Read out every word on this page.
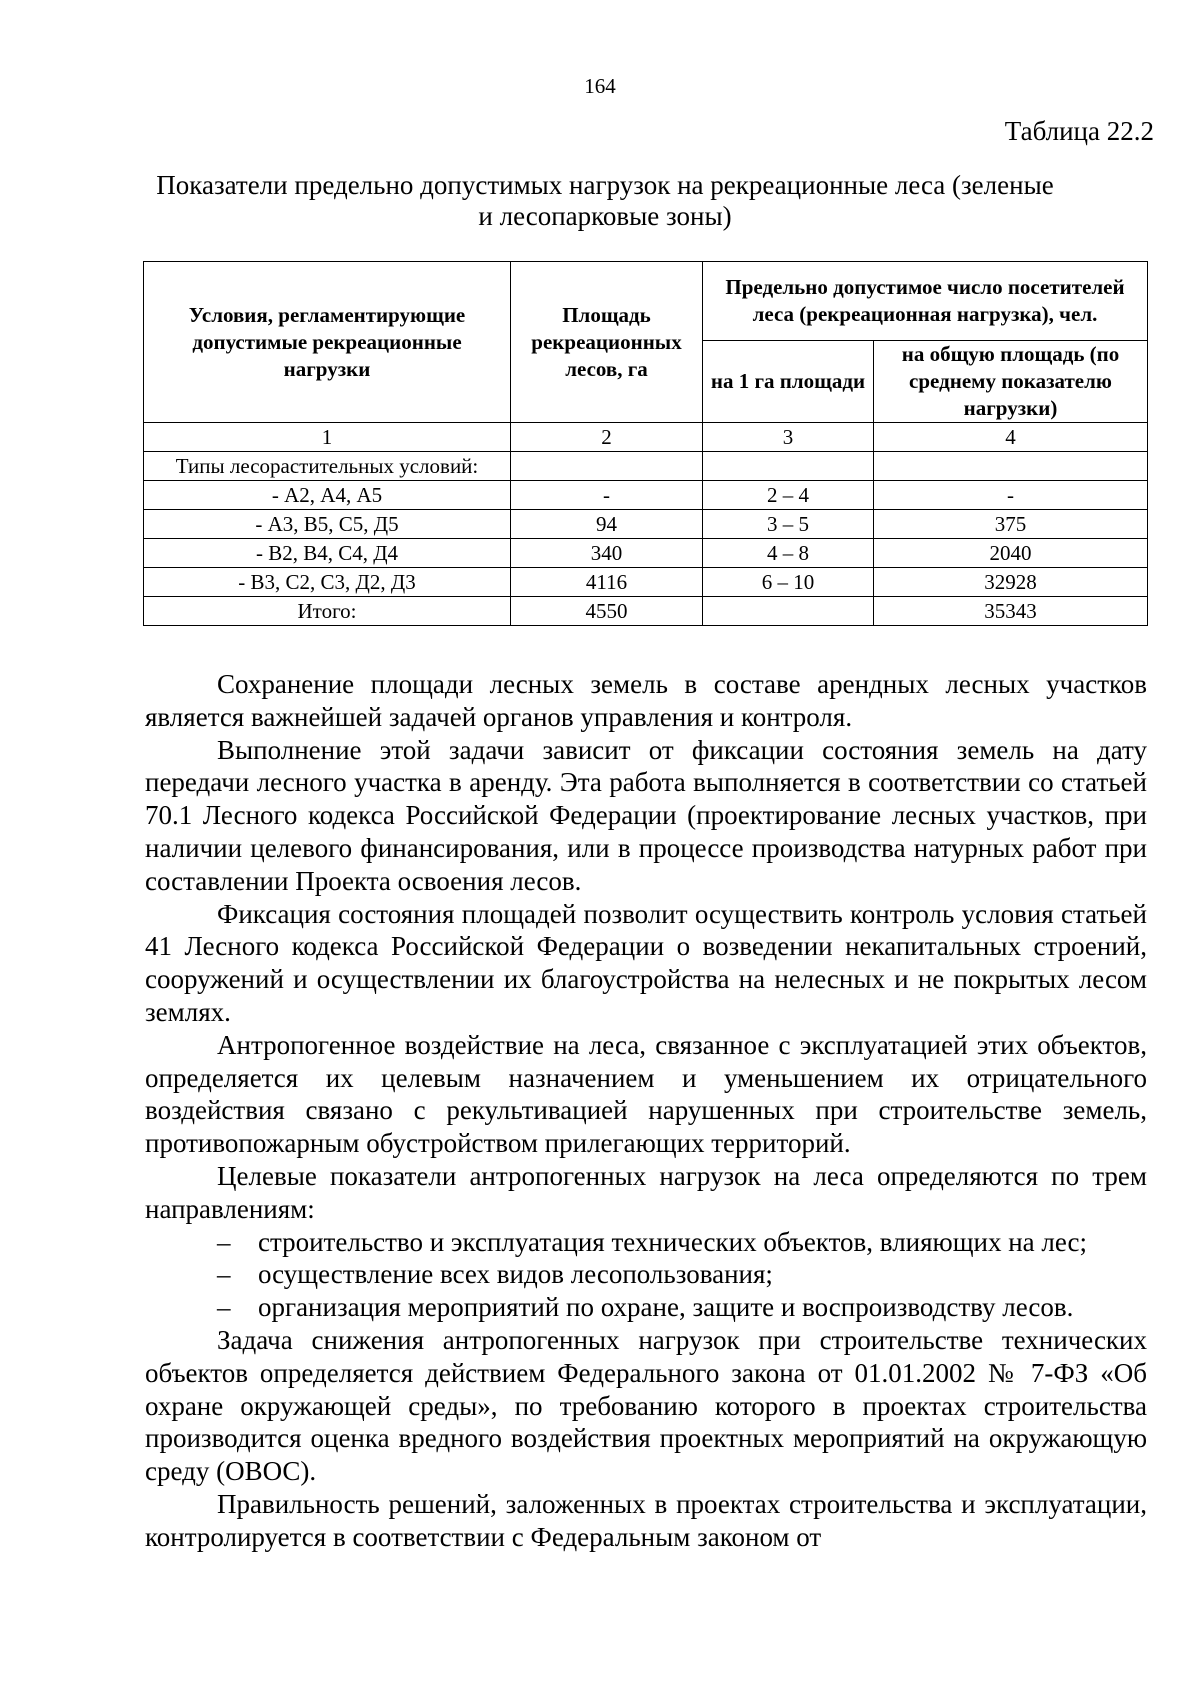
164
Таблица 22.2
Показатели предельно допустимых нагрузок на рекреационные леса (зеленые и лесопарковые зоны)
Условия, регламентирующие допустимые рекреационные нагрузки	Площадь рекреационных лесов, га	Предельно допустимое число посетителей леса (рекреационная нагрузка), чел.	
		на 1 га площади	на общую площадь (по среднему показателю нагрузки)
1	2	3	4
Типы лесорастительных условий:			
- А2, А4, А5	-	2 – 4	-
- А3, В5, С5, Д5	94	3 – 5	375
- В2, В4, С4, Д4	340	4 – 8	2040
- В3, С2, С3, Д2, Д3	4116	6 – 10	32928
Итого:	4550		35343

Сохранение площади лесных земель в составе арендных лесных участков является важнейшей задачей органов управления и контроля.

Выполнение этой задачи зависит от фиксации состояния земель на дату передачи лесного участка в аренду. Эта работа выполняется в соответствии со статьей 70.1 Лесного кодекса Российской Федерации (проектирование лесных участков, при наличии целевого финансирования, или в процессе производства натурных работ при составлении Проекта освоения лесов.

Фиксация состояния площадей позволит осуществить контроль условия статьей 41 Лесного кодекса Российской Федерации о возведении некапитальных строений, сооружений и осуществлении их благоустройства на нелесных и не покрытых лесом землях.

Антропогенное воздействие на леса, связанное с эксплуатацией этих объектов, определяется их целевым назначением и уменьшением их отрицательного воздействия связано с рекультивацией нарушенных при строительстве земель, противопожарным обустройством прилегающих территорий.

Целевые показатели антропогенных нагрузок на леса определяются по трем направлениям:

– строительство и эксплуатация технических объектов, влияющих на лес;
– осуществление всех видов лесопользования;
– организация мероприятий по охране, защите и воспроизводству лесов.

Задача снижения антропогенных нагрузок при строительстве технических объектов определяется действием Федерального закона от 01.01.2002 № 7-ФЗ «Об охране окружающей среды», по требованию которого в проектах строительства производится оценка вредного воздействия проектных мероприятий на окружающую среду (ОВОС).

Правильность решений, заложенных в проектах строительства и эксплуатации, контролируется в соответствии с Федеральным законом от
